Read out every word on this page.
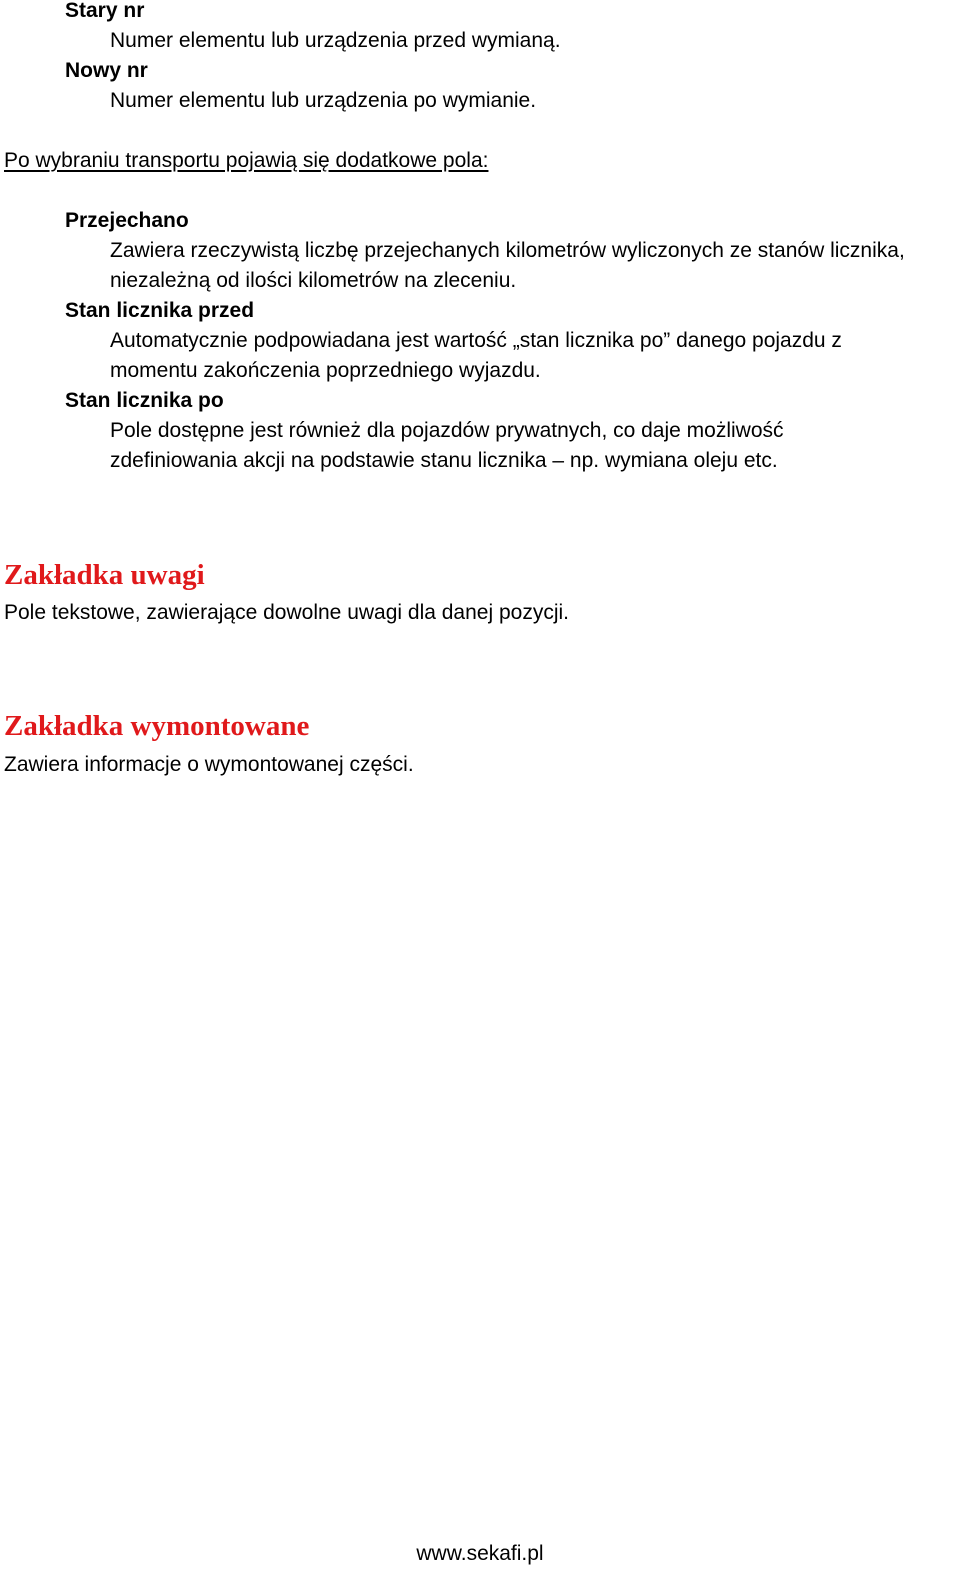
Stary nr
Numer elementu lub urządzenia przed wymianą.
Nowy nr
Numer elementu lub urządzenia po wymianie.
Po wybraniu transportu pojawią się dodatkowe pola:
Przejechano
Zawiera rzeczywistą liczbę przejechanych kilometrów wyliczonych ze stanów licznika,
niezależną od ilości kilometrów na zleceniu.
Stan licznika przed
Automatycznie podpowiadana jest wartość „stan licznika po” danego pojazdu z
momentu zakończenia poprzedniego wyjazdu.
Stan licznika po
Pole dostępne jest również dla pojazdów prywatnych, co daje możliwość
zdefiniowania akcji na podstawie stanu licznika – np. wymiana oleju etc.
Zakładka uwagi
Pole tekstowe, zawierające dowolne uwagi dla danej pozycji.
Zakładka wymontowane
Zawiera informacje o wymontowanej części.
www.sekafi.pl
